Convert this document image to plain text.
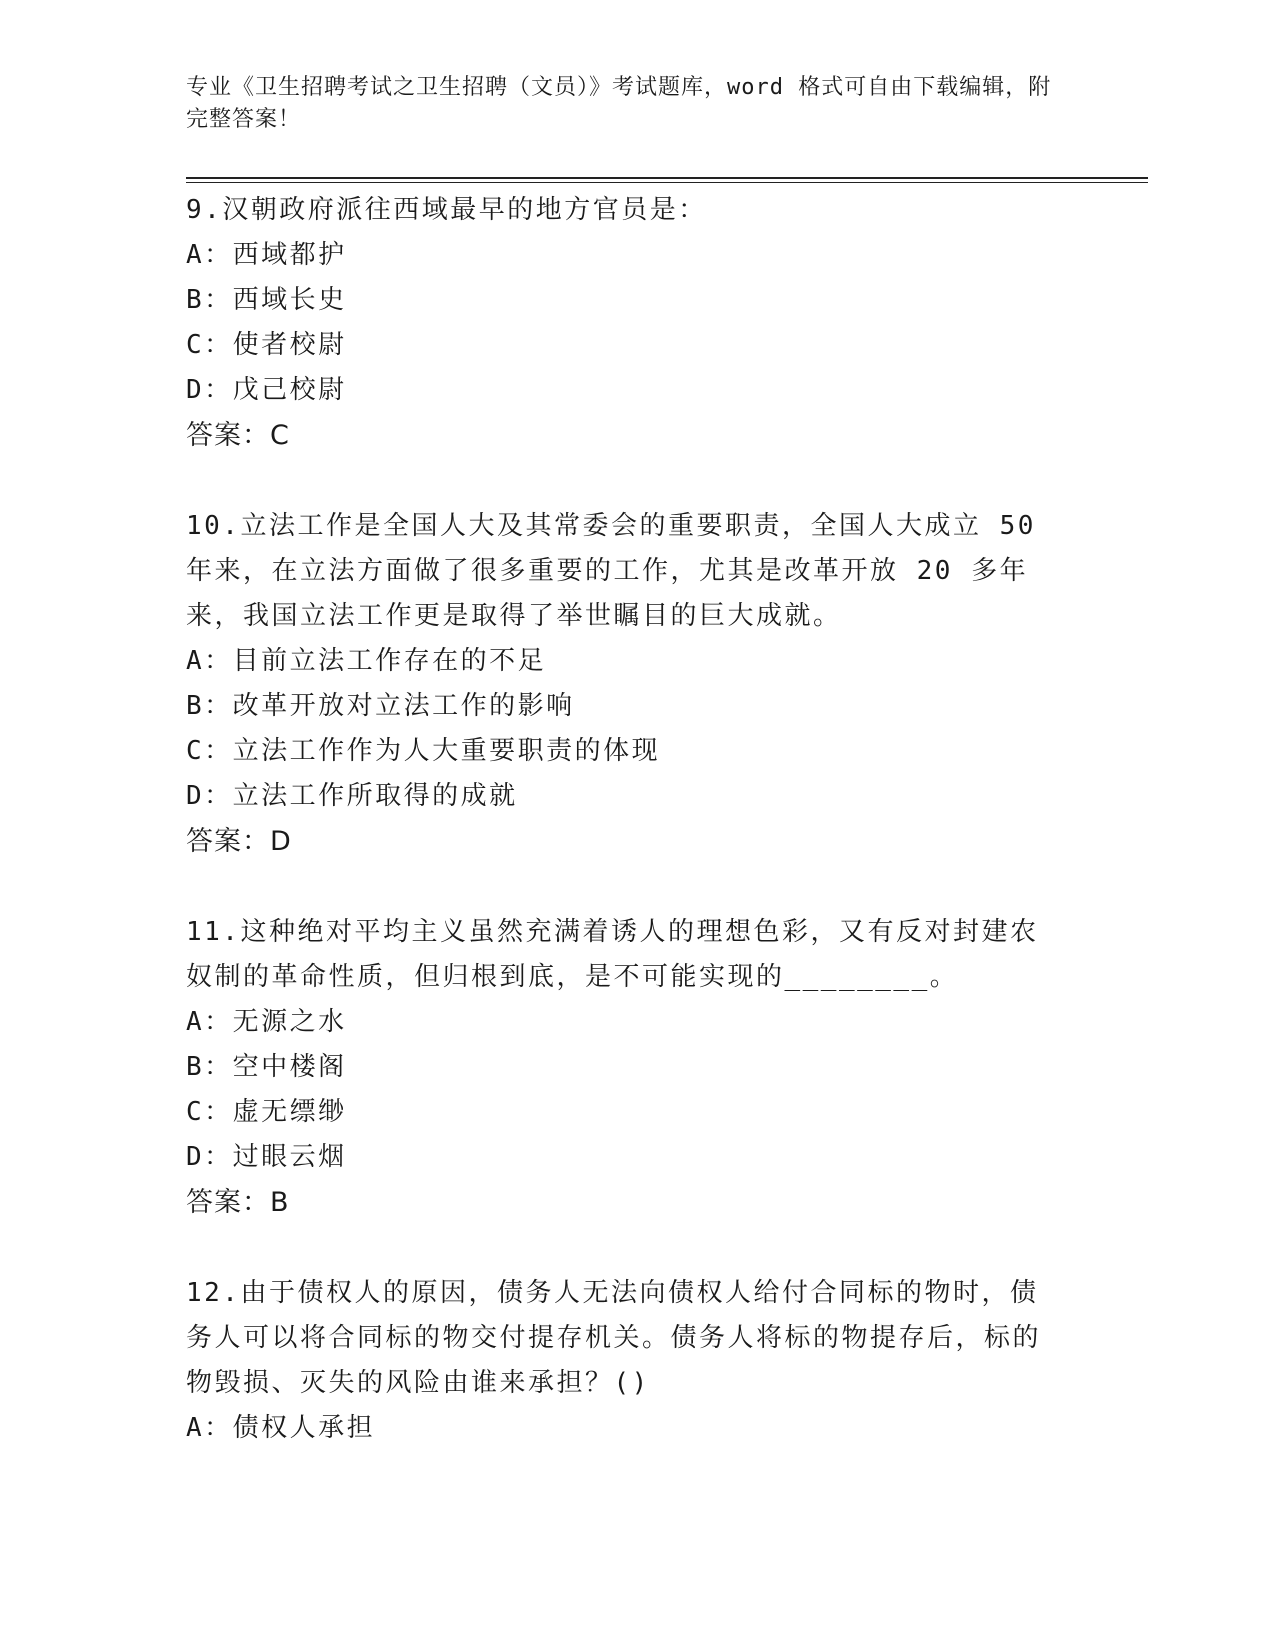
专业《卫生招聘考试之卫生招聘（文员）》考试题库，word 格式可自由下载编辑，附完整答案！
9.汉朝政府派往西域最早的地方官员是：
A：西域都护
B：西域长史
C：使者校尉
D：戊己校尉
答案：C
10.立法工作是全国人大及其常委会的重要职责，全国人大成立 50 年来，在立法方面做了很多重要的工作，尤其是改革开放 20 多年来，我国立法工作更是取得了举世瞩目的巨大成就。
A：目前立法工作存在的不足
B：改革开放对立法工作的影响
C：立法工作作为人大重要职责的体现
D：立法工作所取得的成就
答案：D
11.这种绝对平均主义虽然充满着诱人的理想色彩，又有反对封建农奴制的革命性质，但归根到底，是不可能实现的________。
A：无源之水
B：空中楼阁
C：虚无缥缈
D：过眼云烟
答案：B
12.由于债权人的原因，债务人无法向债权人给付合同标的物时，债务人可以将合同标的物交付提存机关。债务人将标的物提存后，标的物毁损、灭失的风险由谁来承担？()
A：债权人承担
